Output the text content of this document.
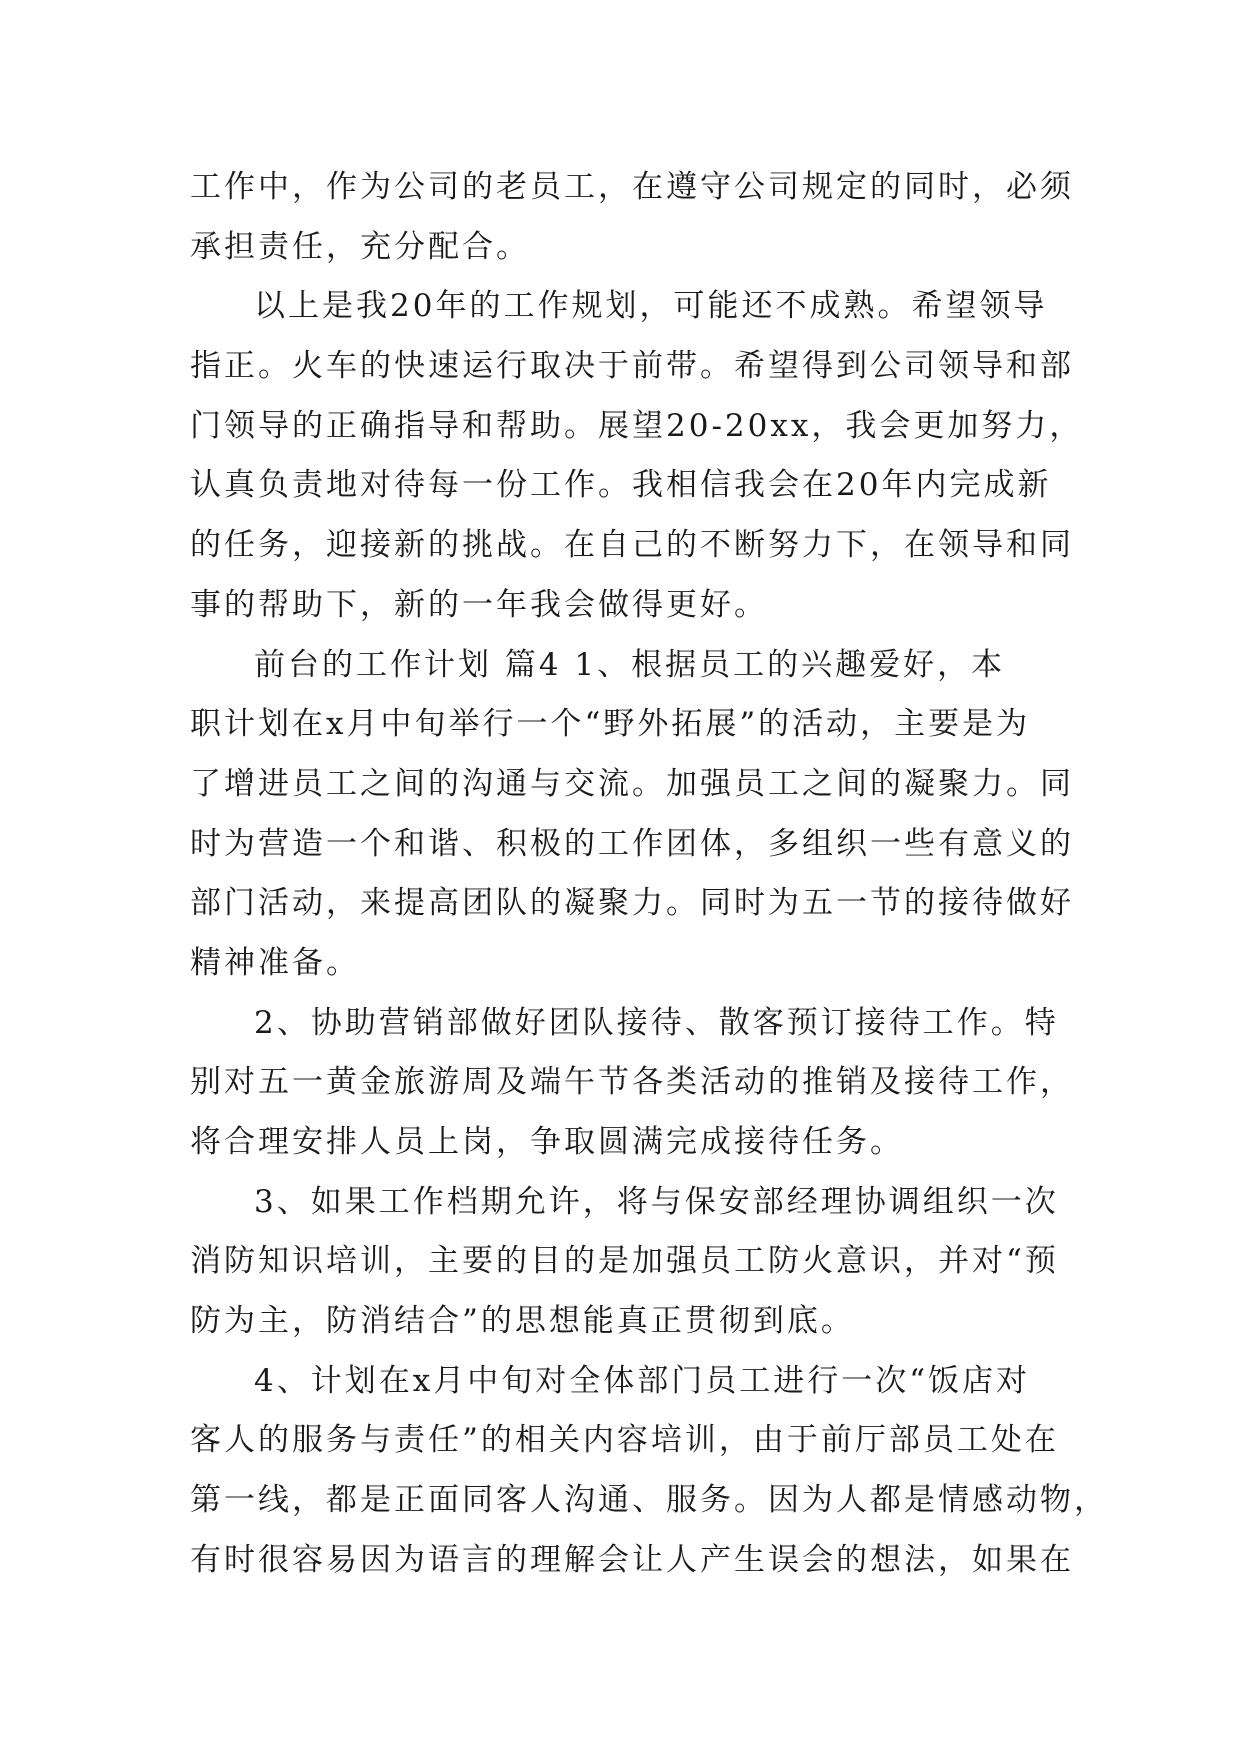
工作中，作为公司的老员工，在遵守公司规定的同时，必须
承担责任，充分配合。
以上是我20年的工作规划，可能还不成熟。希望领导
指正。火车的快速运行取决于前带。希望得到公司领导和部
门领导的正确指导和帮助。展望20-20xx，我会更加努力，
认真负责地对待每一份工作。我相信我会在20年内完成新
的任务，迎接新的挑战。在自己的不断努力下，在领导和同
事的帮助下，新的一年我会做得更好。
前台的工作计划 篇4 1、根据员工的兴趣爱好，本
职计划在x月中旬举行一个“野外拓展”的活动，主要是为
了增进员工之间的沟通与交流。加强员工之间的凝聚力。同
时为营造一个和谐、积极的工作团体，多组织一些有意义的
部门活动，来提高团队的凝聚力。同时为五一节的接待做好
精神准备。
2、协助营销部做好团队接待、散客预订接待工作。特
别对五一黄金旅游周及端午节各类活动的推销及接待工作，
将合理安排人员上岗，争取圆满完成接待任务。
3、如果工作档期允许，将与保安部经理协调组织一次
消防知识培训，主要的目的是加强员工防火意识，并对“预
防为主，防消结合”的思想能真正贯彻到底。
4、计划在x月中旬对全体部门员工进行一次“饭店对
客人的服务与责任”的相关内容培训，由于前厅部员工处在
第一线，都是正面同客人沟通、服务。因为人都是情感动物，
有时很容易因为语言的理解会让人产生误会的想法，如果在
